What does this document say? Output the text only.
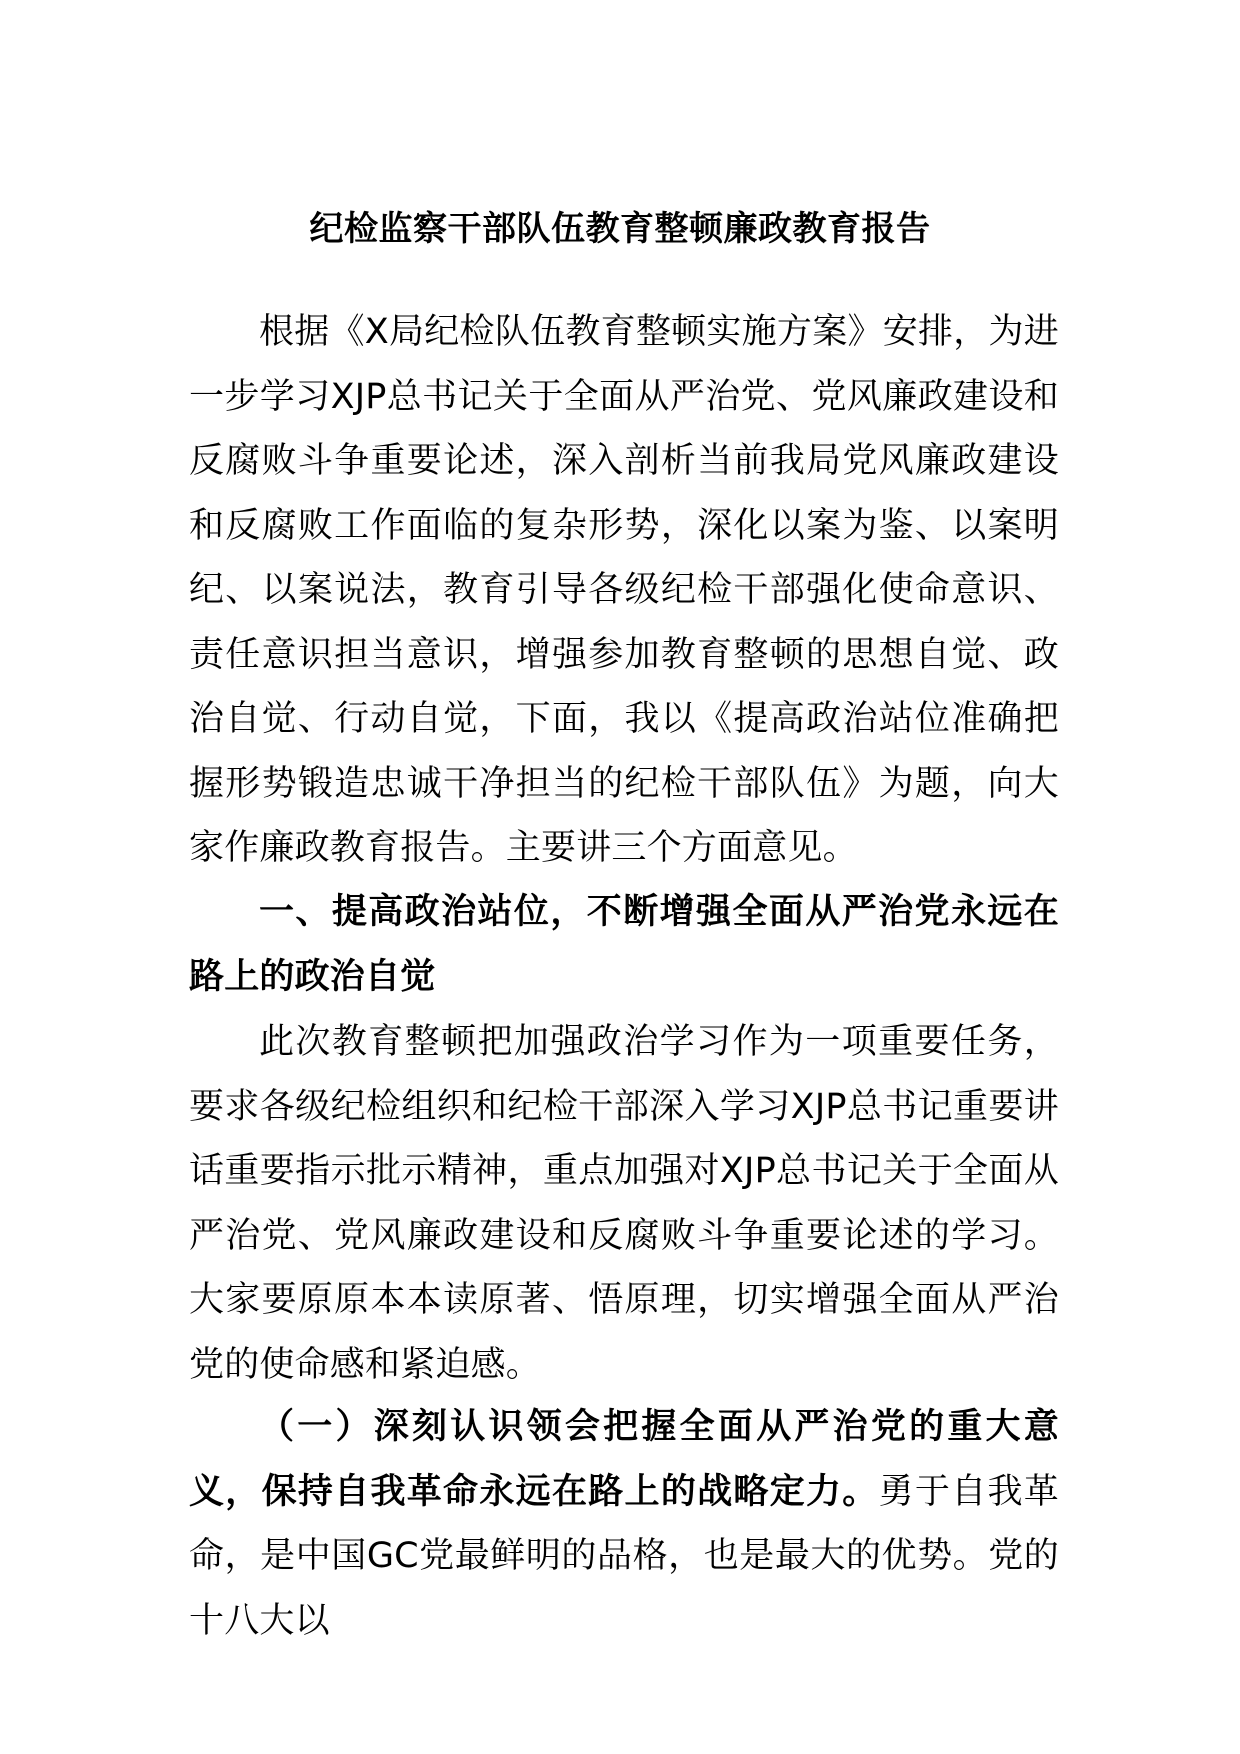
纪检监察干部队伍教育整顿廉政教育报告

根据《X局纪检队伍教育整顿实施方案》安排，为进一步学习XJP总书记关于全面从严治党、党风廉政建设和反腐败斗争重要论述，深入剖析当前我局党风廉政建设和反腐败工作面临的复杂形势，深化以案为鉴、以案明纪、以案说法，教育引导各级纪检干部强化使命意识、责任意识担当意识，增强参加教育整顿的思想自觉、政治自觉、行动自觉，下面，我以《提高政治站位准确把握形势锻造忠诚干净担当的纪检干部队伍》为题，向大家作廉政教育报告。主要讲三个方面意见。

一、提高政治站位，不断增强全面从严治党永远在路上的政治自觉

此次教育整顿把加强政治学习作为一项重要任务，要求各级纪检组织和纪检干部深入学习XJP总书记重要讲话重要指示批示精神，重点加强对XJP总书记关于全面从严治党、党风廉政建设和反腐败斗争重要论述的学习。大家要原原本本读原著、悟原理，切实增强全面从严治党的使命感和紧迫感。

（一）深刻认识领会把握全面从严治党的重大意义，保持自我革命永远在路上的战略定力。勇于自我革命，是中国GC党最鲜明的品格，也是最大的优势。党的十八大以
